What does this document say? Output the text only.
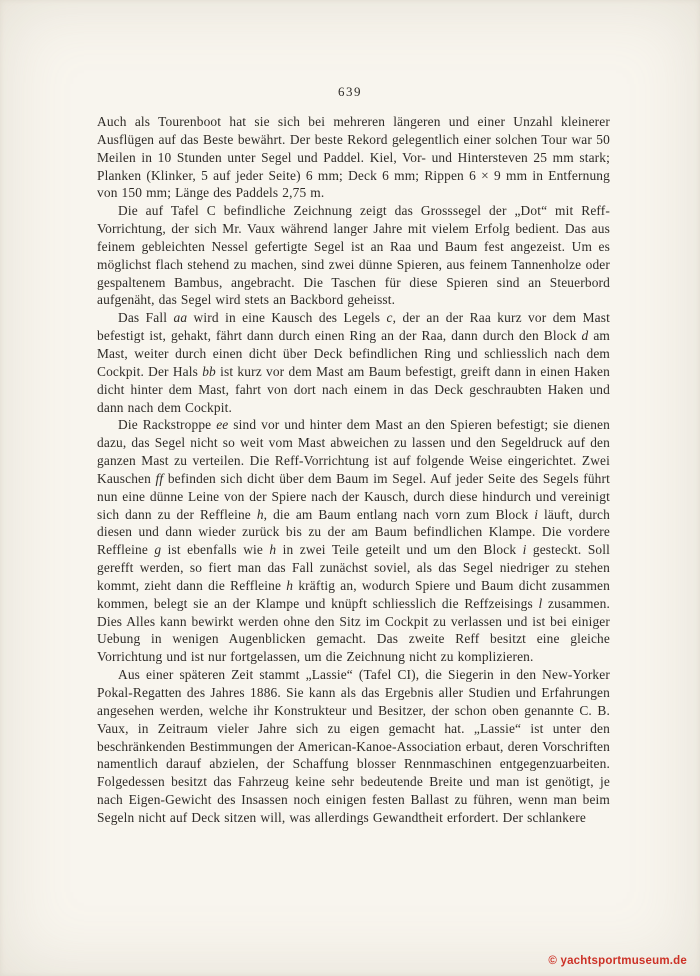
639

Auch als Tourenboot hat sie sich bei mehreren längeren und einer Unzahl kleinerer Ausflügen auf das Beste bewährt. Der beste Rekord gelegentlich einer solchen Tour war 50 Meilen in 10 Stunden unter Segel und Paddel. Kiel, Vor- und Hintersteven 25 mm stark; Planken (Klinker, 5 auf jeder Seite) 6 mm; Deck 6 mm; Rippen 6 × 9 mm in Entfernung von 150 mm; Länge des Paddels 2,75 m.

Die auf Tafel C befindliche Zeichnung zeigt das Grosssegel der „Dot“ mit Reff-Vorrichtung, der sich Mr. Vaux während langer Jahre mit vielem Erfolg bedient. Das aus feinem gebleichten Nessel gefertigte Segel ist an Raa und Baum fest angezeist. Um es möglichst flach stehend zu machen, sind zwei dünne Spieren, aus feinem Tannenholze oder gespaltenem Bambus, angebracht. Die Taschen für diese Spieren sind an Steuerbord aufgenäht, das Segel wird stets an Backbord geheisst.

Das Fall aa wird in eine Kausch des Legels c, der an der Raa kurz vor dem Mast befestigt ist, gehakt, fährt dann durch einen Ring an der Raa, dann durch den Block d am Mast, weiter durch einen dicht über Deck befindlichen Ring und schliesslich nach dem Cockpit. Der Hals bb ist kurz vor dem Mast am Baum befestigt, greift dann in einen Haken dicht hinter dem Mast, fahrt von dort nach einem in das Deck geschraubten Haken und dann nach dem Cockpit.

Die Rackstroppe ee sind vor und hinter dem Mast an den Spieren befestigt; sie dienen dazu, das Segel nicht so weit vom Mast abweichen zu lassen und den Segeldruck auf den ganzen Mast zu verteilen. Die Reff-Vorrichtung ist auf folgende Weise eingerichtet. Zwei Kauschen ff befinden sich dicht über dem Baum im Segel. Auf jeder Seite des Segels führt nun eine dünne Leine von der Spiere nach der Kausch, durch diese hindurch und vereinigt sich dann zu der Reffleine h, die am Baum entlang nach vorn zum Block i läuft, durch diesen und dann wieder zurück bis zu der am Baum befindlichen Klampe. Die vordere Reffleine g ist ebenfalls wie h in zwei Teile geteilt und um den Block i gesteckt. Soll gerefft werden, so fiert man das Fall zunächst soviel, als das Segel niedriger zu stehen kommt, zieht dann die Reffleine h kräftig an, wodurch Spiere und Baum dicht zusammen kommen, belegt sie an der Klampe und knüpft schliesslich die Reffzeisings l zusammen. Dies Alles kann bewirkt werden ohne den Sitz im Cockpit zu verlassen und ist bei einiger Uebung in wenigen Augenblicken gemacht. Das zweite Reff besitzt eine gleiche Vorrichtung und ist nur fortgelassen, um die Zeichnung nicht zu komplizieren.

Aus einer späteren Zeit stammt „Lassie“ (Tafel CI), die Siegerin in den New-Yorker Pokal-Regatten des Jahres 1886. Sie kann als das Ergebnis aller Studien und Erfahrungen angesehen werden, welche ihr Konstrukteur und Besitzer, der schon oben genannte C. B. Vaux, in Zeitraum vieler Jahre sich zu eigen gemacht hat. „Lassie“ ist unter den beschränkenden Bestimmungen der American-Kanoe-Association erbaut, deren Vorschriften namentlich darauf abzielen, der Schaffung blosser Rennmaschinen entgegenzuarbeiten. Folgedessen besitzt das Fahrzeug keine sehr bedeutende Breite und man ist genötigt, je nach Eigen-Gewicht des Insassen noch einigen festen Ballast zu führen, wenn man beim Segeln nicht auf Deck sitzen will, was allerdings Gewandtheit erfordert. Der schlankere

© yachtsportmuseum.de
